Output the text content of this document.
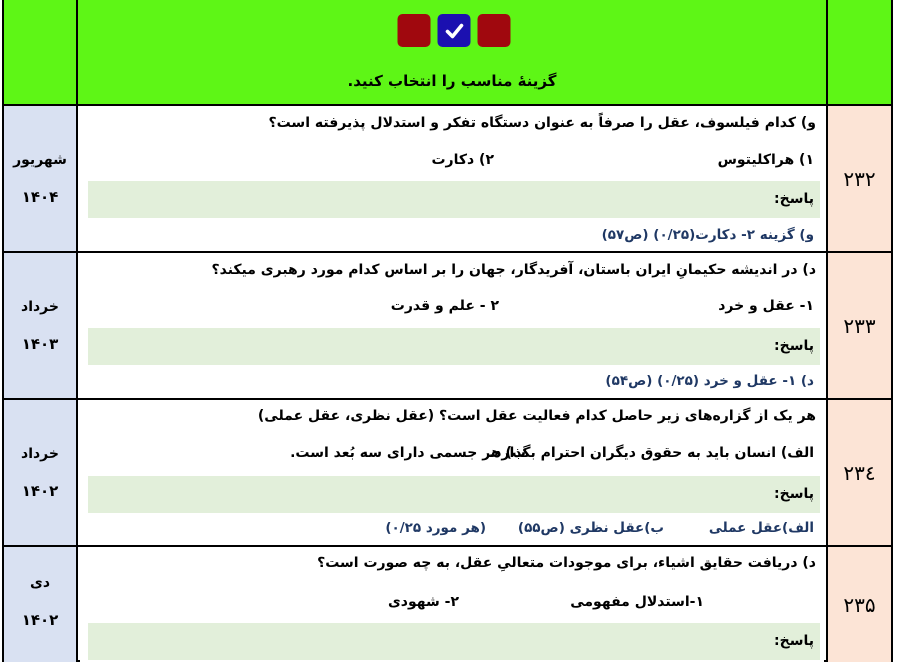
گزینهٔ مناسب را انتخاب کنید.
شهریور
۱۴۰۴
و) کدام فیلسوف، عقل را صرفاً به عنوان دستگاه تفکر و استدلال پذیرفته است؟
۱) هراکلیتوس
۲) دکارت
پاسخ:
و) گزینه ۲- دکارت(۰/۲۵) (ص۵۷)
۲۳۲
خرداد
۱۴۰۳
د) در اندیشه حکیمانِ ایران باستان، آفریدگار، جهان را بر اساس کدام مورد رهبری میکند؟
۱- عقل و خرد
۲ - علم و قدرت
پاسخ:
د) ۱- عقل و خرد (۰/۲۵) (ص۵۴)
۲۳۳
خرداد
۱۴۰۲
هر یک از گزاره‌های زیر حاصل کدام فعالیت عقل است؟ (عقل نظری، عقل عملی)
الف) انسان باید به حقوق دیگران احترام بگذارد.
ب) هر جسمی دارای سه بُعد است.
پاسخ:
الف)عقل عملی
ب)عقل نظری (ص۵۵)
(هر مورد ۰/۲۵)
۲۳٤
دی
۱۴۰۲
د) دریافت حقایق اشیاء، برای موجودات متعالیِ عقل، به چه صورت است؟
۱-استدلال مفهومی
۲- شهودی
پاسخ:
۲۳۵
